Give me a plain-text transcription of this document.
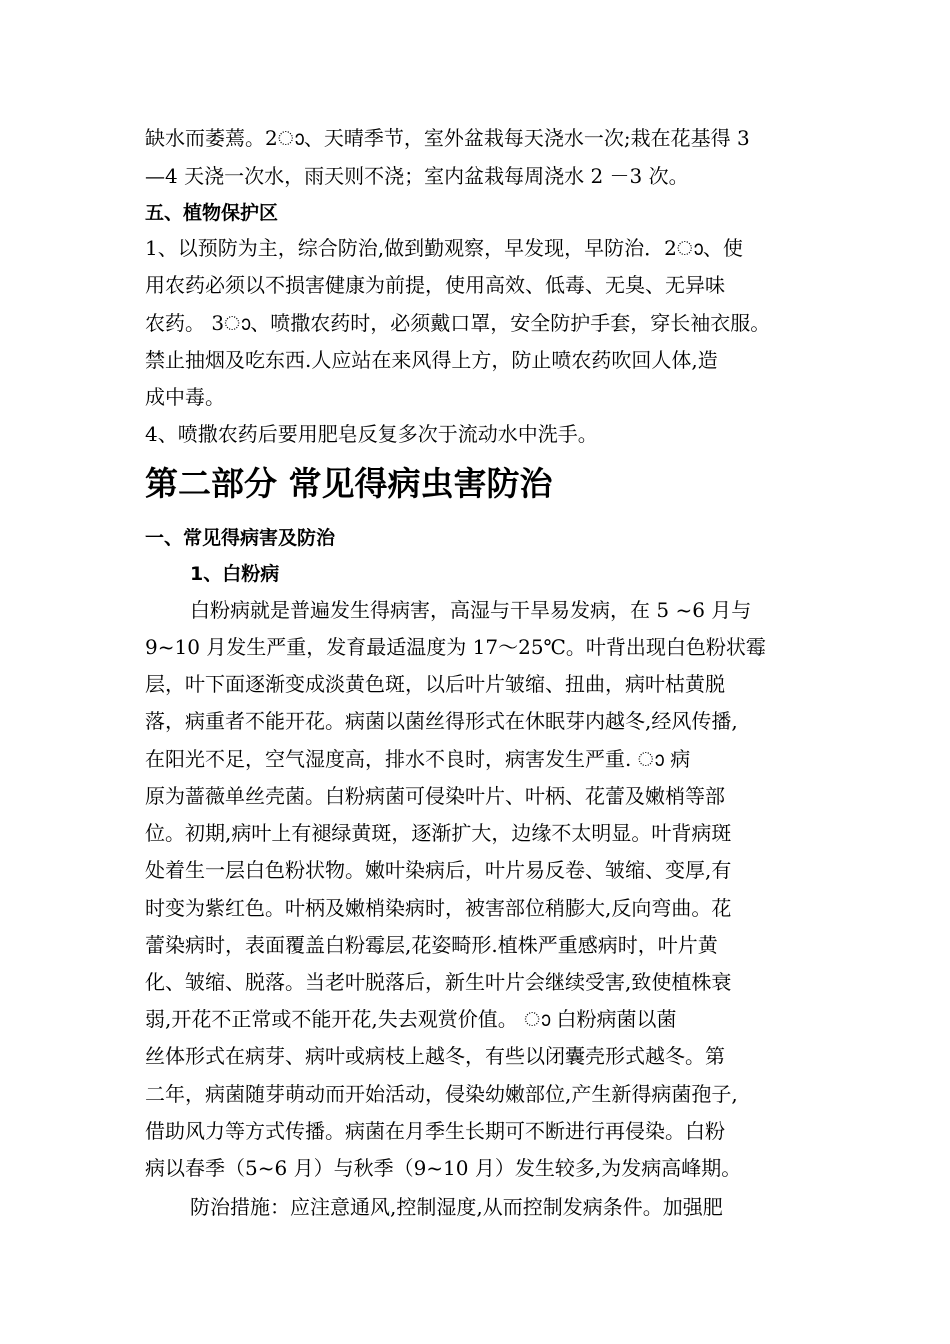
缺水而萎蔫。2ാ、天晴季节，室外盆栽每天浇水一次;栽在花基得 3
—4 天浇一次水，雨天则不浇；室内盆栽每周浇水 2 －3 次。
五、植物保护区
1、以预防为主，综合防治,做到勤观察，早发现，早防治．2ാ、使
用农药必须以不损害健康为前提，使用高效、低毒、无臭、无异味
农药。 3ാ、喷撒农药时，必须戴口罩，安全防护手套，穿长袖衣服。
禁止抽烟及吃东西.人应站在来风得上方，防止喷农药吹回人体,造
成中毒。
4、喷撒农药后要用肥皂反复多次于流动水中洗手。
第二部分 常见得病虫害防治
一、常见得病害及防治
1、白粉病
白粉病就是普遍发生得病害，高湿与干旱易发病，在 5 ~6 月与
9~10 月发生严重，发育最适温度为 17～25℃。叶背出现白色粉状霉
层，叶下面逐渐变成淡黄色斑，以后叶片皱缩、扭曲，病叶枯黄脱
落，病重者不能开花。病菌以菌丝得形式在休眠芽内越冬,经风传播,
在阳光不足，空气湿度高，排水不良时，病害发生严重. ാ 病
原为蔷薇单丝壳菌。白粉病菌可侵染叶片、叶柄、花蕾及嫩梢等部
位。初期,病叶上有褪绿黄斑，逐渐扩大，边缘不太明显。叶背病斑
处着生一层白色粉状物。嫩叶染病后，叶片易反卷、皱缩、变厚,有
时变为紫红色。叶柄及嫩梢染病时，被害部位稍膨大,反向弯曲。花
蕾染病时，表面覆盖白粉霉层,花姿畸形.植株严重感病时，叶片黄
化、皱缩、脱落。当老叶脱落后，新生叶片会继续受害,致使植株衰
弱,开花不正常或不能开花,失去观赏价值。 ാ 白粉病菌以菌
丝体形式在病芽、病叶或病枝上越冬，有些以闭囊壳形式越冬。第
二年，病菌随芽萌动而开始活动，侵染幼嫩部位,产生新得病菌孢子,
借助风力等方式传播。病菌在月季生长期可不断进行再侵染。白粉
病以春季（5~6 月）与秋季（9~10 月）发生较多,为发病高峰期。
防治措施：应注意通风,控制湿度,从而控制发病条件。加强肥
